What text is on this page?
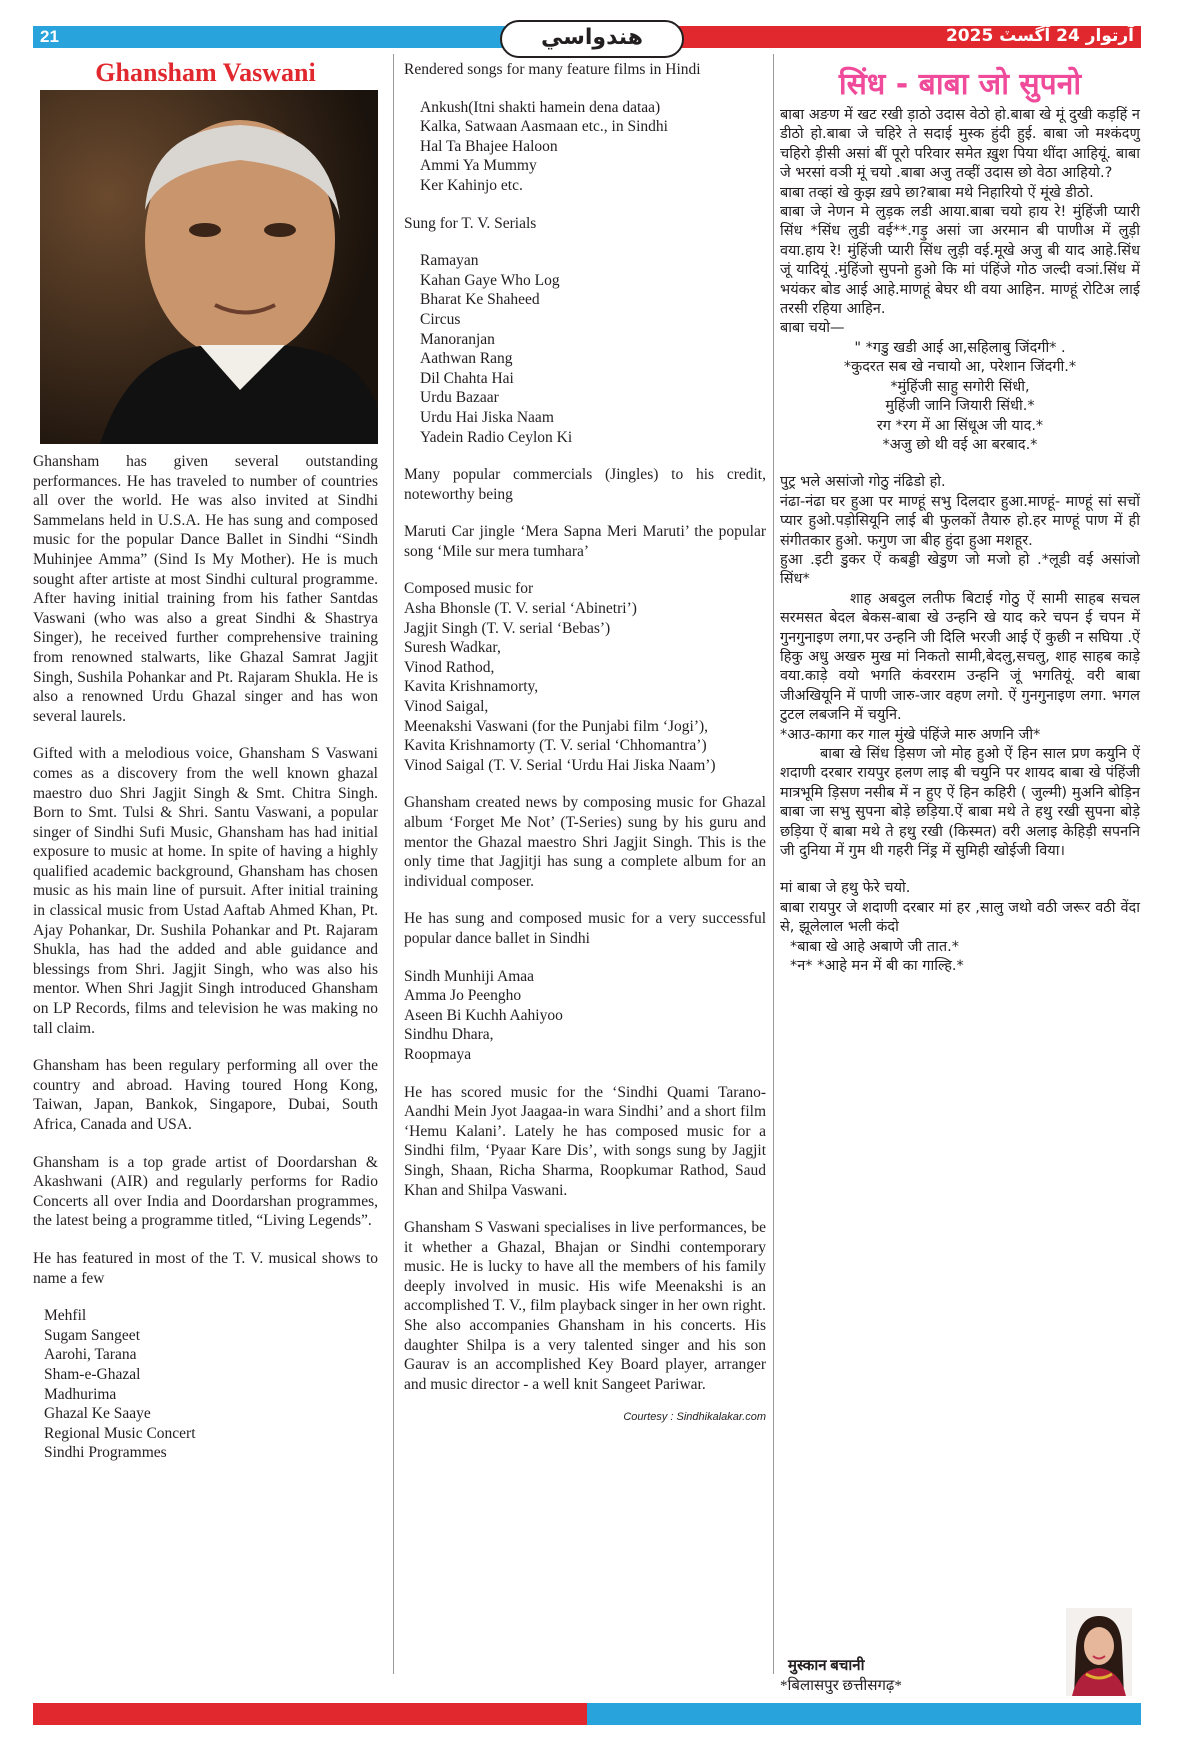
21	هندواسي	آرتوار 24 آگسٽ 2025
Ghansham Vaswani

Ghansham has given several outstanding performances. He has traveled to number of countries all over the world. He was also invited at Sindhi Sammelans held in U.S.A. He has sung and composed music for the popular Dance Ballet in Sindhi “Sindh Muhinjee Amma” (Sind Is My Mother). He is much sought after artiste at most Sindhi cultural programme. After having initial training from his father Santdas Vaswani (who was also a great Sindhi & Shastrya Singer), he received further comprehensive training from renowned stalwarts, like Ghazal Samrat Jagjit Singh, Sushila Pohankar and Pt. Rajaram Shukla. He is also a renowned Urdu Ghazal singer and has won several laurels.

Gifted with a melodious voice, Ghansham S Vaswani comes as a discovery from the well known ghazal maestro duo Shri Jagjit Singh & Smt. Chitra Singh. Born to Smt. Tulsi & Shri. Santu Vaswani, a popular singer of Sindhi Sufi Music, Ghansham has had initial exposure to music at home. In spite of having a highly qualified academic background, Ghansham has chosen music as his main line of pursuit. After initial training in classical music from Ustad Aaftab Ahmed Khan, Pt. Ajay Pohankar, Dr. Sushila Pohankar and Pt. Rajaram Shukla, has had the added and able guidance and blessings from Shri. Jagjit Singh, who was also his mentor. When Shri Jagjit Singh introduced Ghansham on LP Records, films and television he was making no tall claim.

Ghansham has been regulary performing all over the country and abroad. Having toured Hong Kong, Taiwan, Japan, Bankok, Singapore, Dubai, South Africa, Canada and USA.

Ghansham is a top grade artist of Doordarshan & Akashwani (AIR) and regularly performs for Radio Concerts all over India and Doordarshan programmes, the latest being a programme titled, “Living Legends”.

He has featured in most of the T. V. musical shows to name a few

Mehfil
Sugam Sangeet
Aarohi, Tarana
Sham-e-Ghazal
Madhurima
Ghazal Ke Saaye
Regional Music Concert
Sindhi Programmes

Rendered songs for many feature films in Hindi

Ankush(Itni shakti hamein dena dataa)
Kalka, Satwaan Aasmaan etc., in Sindhi
Hal Ta Bhajee Haloon
Ammi Ya Mummy
Ker Kahinjo etc.

Sung for T. V. Serials

Ramayan
Kahan Gaye Who Log
Bharat Ke Shaheed
Circus
Manoranjan
Aathwan Rang
Dil Chahta Hai
Urdu Bazaar
Urdu Hai Jiska Naam
Yadein Radio Ceylon Ki

Many popular commercials (Jingles) to his credit, noteworthy being

Maruti Car jingle ‘Mera Sapna Meri Maruti’ the popular song ‘Mile sur mera tumhara’

Composed music for
Asha Bhonsle (T. V. serial ‘Abinetri’)
Jagjit Singh (T. V. serial ‘Bebas’)
Suresh Wadkar,
Vinod Rathod,
Kavita Krishnamorty,
Vinod Saigal,
Meenakshi Vaswani (for the Punjabi film ‘Jogi’),
Kavita Krishnamorty (T. V. serial ‘Chhomantra’)
Vinod Saigal (T. V. Serial ‘Urdu Hai Jiska Naam’)

Ghansham created news by composing music for Ghazal album ‘Forget Me Not’ (T-Series) sung by his guru and mentor the Ghazal maestro Shri Jagjit Singh. This is the only time that Jagjitji has sung a complete album for an individual composer.

He has sung and composed music for a very successful popular dance ballet in Sindhi

Sindh Munhiji Amaa
Amma Jo Peengho
Aseen Bi Kuchh Aahiyoo
Sindhu Dhara,
Roopmaya

He has scored music for the ‘Sindhi Quami Tarano-Aandhi Mein Jyot Jaagaa-in wara Sindhi’ and a short film ‘Hemu Kalani’. Lately he has composed music for a Sindhi film, ‘Pyaar Kare Dis’, with songs sung by Jagjit Singh, Shaan, Richa Sharma, Roopkumar Rathod, Saud Khan and Shilpa Vaswani.

Ghansham S Vaswani specialises in live performances, be it whether a Ghazal, Bhajan or Sindhi contemporary music. He is lucky to have all the members of his family deeply involved in music. His wife Meenakshi is an accomplished T. V., film playback singer in her own right. She also accompanies Ghansham in his concerts. His daughter Shilpa is a very talented singer and his son Gaurav is an accomplished Key Board player, arranger and music director - a well knit Sangeet Pariwar.

Courtesy : Sindhikalakar.com
सिंध - बाबा जो सुपनो

बाबा अङण में खट रखी ड़ाठो उदास वेठो हो.बाबा खे मूं दुखी कड़हिं न डीठो हो.बाबा जे चहिरे ते सदाई मुस्क हुंदी हुई. बाबा जो मश्कंदणु चहिरो ड़ीसी असां बीं पूरो परिवार समेत ख़ुश पिया थींदा आहियूं. बाबा जे भरसां वञी मूं चयो .बाबा अजु तव्हीं उदास छो वेठा आहियो.?

बाबा तव्हां खे कुझ ख़पे छा?बाबा मथे निहारियो ऐं मूंखे डीठो.

बाबा जे नेणन मे लुड़क लडी आया.बाबा चयो हाय रे! मुंहिंजी प्यारी सिंध *सिंध लुडी वई**.गड़ु असां जा अरमान बी पाणीअ में लुड़ी वया.हाय रे! मुंहिंजी प्यारी सिंध लुड़ी वई.मूखे अजु बी याद आहे.सिंध जूं यादियूं .मुंहिंजो सुपनो हुओ कि मां पंहिंजे गोठ जल्दी वञां.सिंध में भयंकर बोड आई आहे.माणहूं बेघर थी वया आहिन. माण्हूं रोटिअ लाई तरसी रहिया आहिन.

बाबा चयो—

" *गडु खडी आई आ,सहिलाबु जिंदगी* .
*कुदरत सब खे नचायो आ, परेशान जिंदगी.*
*मुंहिंजी साहु सगोरी सिंधी,
मुहिंजी जानि जियारी सिंधी.*
रग *रग में आ सिंधूअ जी याद.*
*अजु छो थी वई आ बरबाद.*

पुट्र भले असांजो गोठु नंढिडो हो.

नंढा-नंढा घर हुआ पर माण्हूं सभु दिलदार हुआ.माण्हूं- माण्हूं सां सचों प्यार हुओ.पड़ोसियूनि लाई बी फुलकों तैयारु हो.हर माण्हूं पाण में ही संगीतकार हुओ. फगुण जा बीह हुंदा हुआ मशहूर.

हुआ .इटी डुकर ऐं कबड्डी खेडुण जो मजो हो .*लूडी वई असांजो सिंध*

शाह अबदुल लतीफ बिटाई गोठु ऐं सामी साहब सचल सरमसत बेदल बेकस-बाबा खे उन्हनि खे याद करे चपन ई चपन में गुनगुनाइण लगा,पर उन्हनि जी दिलि भरजी आई ऐं कुछी न सघिया .ऐं हिकु अधु अखरु मुख मां निकतो सामी,बेदलु,सचलु, शाह साहब काड़े वया.काड़े वयो भगति कंवरराम उन्हनि जूं भगतियूं. वरी बाबा जीअखियूनि में पाणी जारु-जार वहण लगो. ऐं गुनगुनाइण लगा. भगल टुटल लबजनि में चयुनि.

*आउ-कागा कर गाल मुंखे पंहिंजे मारु अणनि जी*

बाबा खे सिंध ड़िसण जो मोह हुओ ऐं हिन साल प्रण कयुनि ऐं शदाणी दरबार रायपुर हलण लाइ बी चयुनि पर शायद बाबा खे पंहिंजी मात्रभूमि ड़िसण नसीब में न हुए ऐं हिन कहिरी ( जुल्मी) मुअनि बोड़िन बाबा जा सभु सुपना बोड़े छड़िया.ऐं बाबा मथे ते हथु रखी सुपना बोड़े छड़िया ऐं बाबा मथे ते हथु रखी (किस्मत) वरी अलाइ केहिड़ी सपननि जी दुनिया में गुम थी गहरी निंड्र में सुमिही खोईजी विया।

मां बाबा जे हथु फेरे चयो.

बाबा रायपुर जे शदाणी दरबार मां हर ,सालु जथो वठी जरूर वठी वेंदा से, झूलेलाल भली कंदो

*बाबा खे आहे अबाणे जी तात.*

*न* *आहे मन में बी का गाल्हि.*

मुस्कान बचानी
*बिलासपुर छत्तीसगढ़*
